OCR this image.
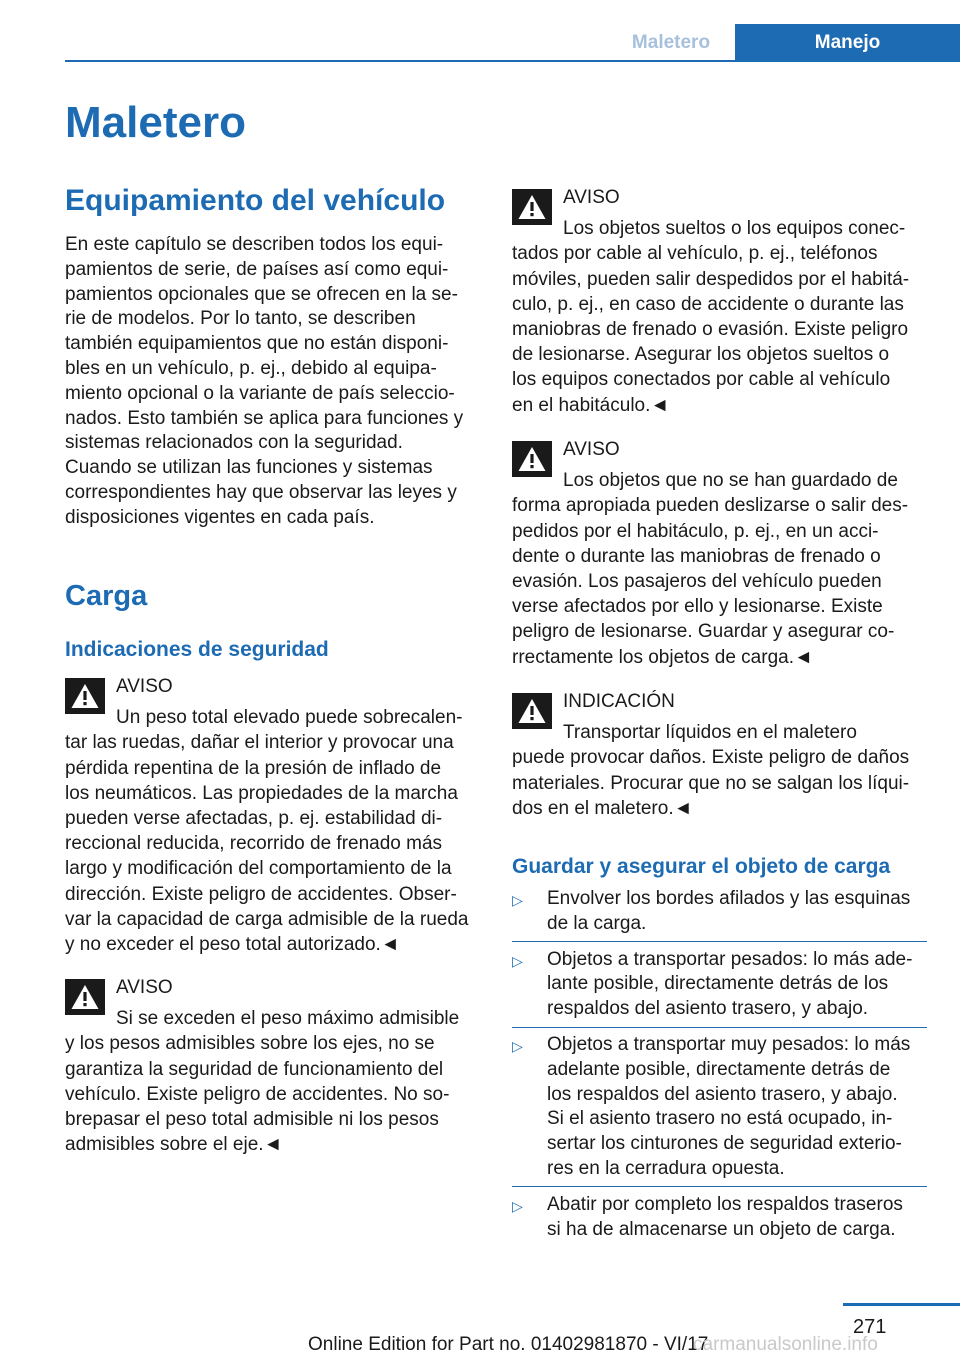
Maletero	Manejo
Maletero
Equipamiento del vehículo
En este capítulo se describen todos los equi-
pamientos de serie, de países así como equi-
pamientos opcionales que se ofrecen en la se-
rie de modelos. Por lo tanto, se describen
también equipamientos que no están disponi-
bles en un vehículo, p. ej., debido al equipa-
miento opcional o la variante de país seleccio-
nados. Esto también se aplica para funciones y
sistemas relacionados con la seguridad.
Cuando se utilizan las funciones y sistemas
correspondientes hay que observar las leyes y
disposiciones vigentes en cada país.
Carga
Indicaciones de seguridad
AVISO
Un peso total elevado puede sobrecalen-
tar las ruedas, dañar el interior y provocar una
pérdida repentina de la presión de inflado de
los neumáticos. Las propiedades de la marcha
pueden verse afectadas, p. ej. estabilidad di-
reccional reducida, recorrido de frenado más
largo y modificación del comportamiento de la
dirección. Existe peligro de accidentes. Obser-
var la capacidad de carga admisible de la rueda
y no exceder el peso total autorizado.◄
AVISO
Si se exceden el peso máximo admisible
y los pesos admisibles sobre los ejes, no se
garantiza la seguridad de funcionamiento del
vehículo. Existe peligro de accidentes. No so-
brepasar el peso total admisible ni los pesos
admisibles sobre el eje.◄
AVISO
Los objetos sueltos o los equipos conec-
tados por cable al vehículo, p. ej., teléfonos
móviles, pueden salir despedidos por el habitá-
culo, p. ej., en caso de accidente o durante las
maniobras de frenado o evasión. Existe peligro
de lesionarse. Asegurar los objetos sueltos o
los equipos conectados por cable al vehículo
en el habitáculo.◄
AVISO
Los objetos que no se han guardado de
forma apropiada pueden deslizarse o salir des-
pedidos por el habitáculo, p. ej., en un acci-
dente o durante las maniobras de frenado o
evasión. Los pasajeros del vehículo pueden
verse afectados por ello y lesionarse. Existe
peligro de lesionarse. Guardar y asegurar co-
rrectamente los objetos de carga.◄
INDICACIÓN
Transportar líquidos en el maletero
puede provocar daños. Existe peligro de daños
materiales. Procurar que no se salgan los líqui-
dos en el maletero.◄
Guardar y asegurar el objeto de carga
▷ Envolver los bordes afilados y las esquinas
de la carga.
▷ Objetos a transportar pesados: lo más ade-
lante posible, directamente detrás de los
respaldos del asiento trasero, y abajo.
▷ Objetos a transportar muy pesados: lo más
adelante posible, directamente detrás de
los respaldos del asiento trasero, y abajo.
Si el asiento trasero no está ocupado, in-
sertar los cinturones de seguridad exterio-
res en la cerradura opuesta.
▷ Abatir por completo los respaldos traseros
si ha de almacenarse un objeto de carga.
271
Online Edition for Part no. 01402981870 - VI/17
carmanualsonline.info
